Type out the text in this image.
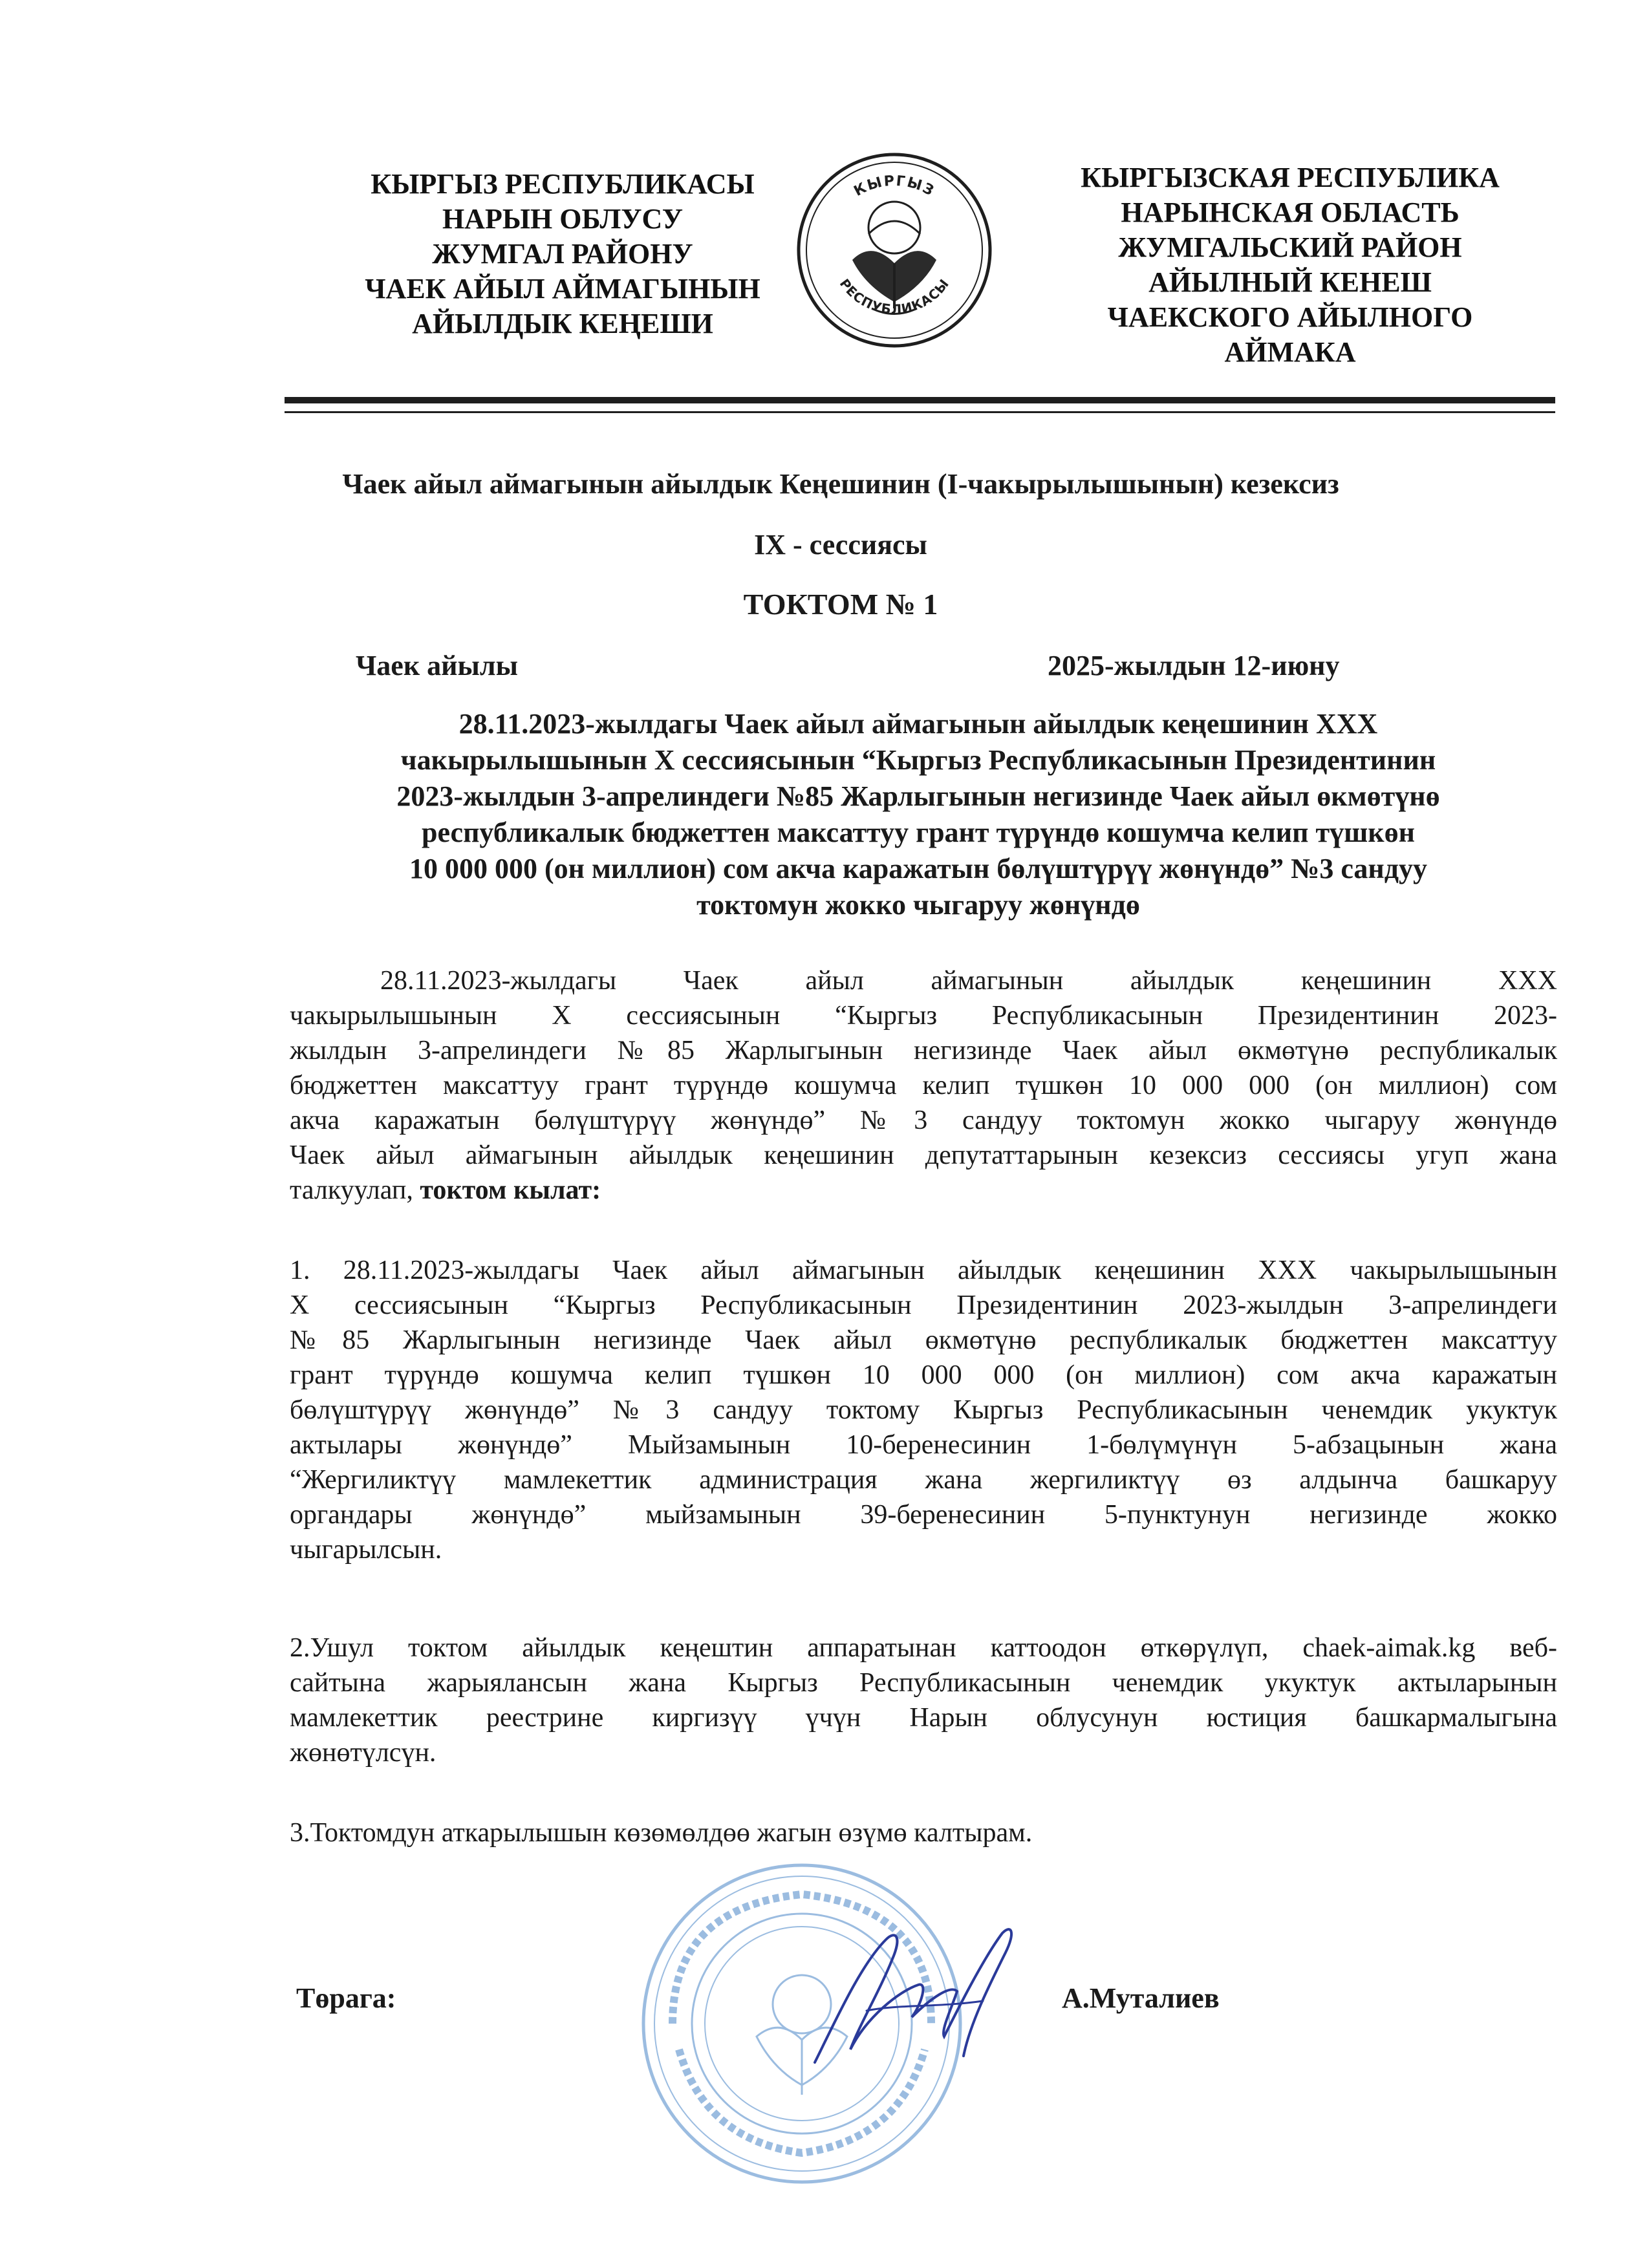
КЫРГЫЗ РЕСПУБЛИКАСЫ
НАРЫН ОБЛУСУ
ЖУМГАЛ РАЙОНУ
ЧАЕК АЙЫЛ АЙМАГЫНЫН
АЙЫЛДЫК КЕҢЕШИ
КЫРГЫЗ
РЕСПУБЛИКАСЫ
КЫРГЫЗСКАЯ РЕСПУБЛИКА
НАРЫНСКАЯ ОБЛАСТЬ
ЖУМГАЛЬСКИЙ РАЙОН
АЙЫЛНЫЙ КЕНЕШ
ЧАЕКСКОГО АЙЫЛНОГО
АЙМАКА
Чаек айыл аймагынын айылдык Кеңешинин (I-чакырылышынын) кезексиз
IX - сессиясы
ТОКТОМ № 1
Чаек айылы	2025-жылдын 12-июну
28.11.2023-жылдагы Чаек айыл аймагынын айылдык кеңешинин ХХХ
чакырылышынын Х сессиясынын “Кыргыз Республикасынын Президентинин
2023-жылдын 3-апрелиндеги №85 Жарлыгынын негизинде Чаек айыл өкмөтүнө
республикалык бюджеттен максаттуу грант түрүндө кошумча келип түшкөн
10 000 000 (он миллион) сом акча каражатын бөлүштүрүү жөнүндө” №3 сандуу
токтомун жокко чыгаруу жөнүндө
28.11.2023-жылдагы Чаек айыл аймагынын айылдык кеңешинин ХХХ
чакырылышынын Х сессиясынын “Кыргыз Республикасынын Президентинин 2023-
жылдын 3-апрелиндеги №85 Жарлыгынын негизинде Чаек айыл өкмөтүнө республикалык
бюджеттен максаттуу грант түрүндө кошумча келип түшкөн 10 000 000 (он миллион) сом
акча каражатын бөлүштүрүү жөнүндө” №3 сандуу токтомун жокко чыгаруу жөнүндө
Чаек айыл аймагынын айылдык кеңешинин депутаттарынын кезексиз сессиясы угуп жана
талкуулап, токтом кылат:
1. 28.11.2023-жылдагы Чаек айыл аймагынын айылдык кеңешинин ХХХ чакырылышынын
Х сессиясынын “Кыргыз Республикасынын Президентинин 2023-жылдын 3-апрелиндеги
№85 Жарлыгынын негизинде Чаек айыл өкмөтүнө республикалык бюджеттен максаттуу
грант түрүндө кошумча келип түшкөн 10 000 000 (он миллион) сом акча каражатын
бөлүштүрүү жөнүндө” №3 сандуу токтому Кыргыз Республикасынын ченемдик укуктук
актылары жөнүндө” Мыйзамынын 10-беренесинин 1-бөлүмүнүн 5-абзацынын жана
“Жергиликтүү мамлекеттик администрация жана жергиликтүү өз алдынча башкаруу
органдары жөнүндө” мыйзамынын 39-беренесинин 5-пунктунун негизинде жокко
чыгарылсын.
2.Ушул токтом айылдык кеңештин аппаратынан каттоодон өткөрүлүп, chaek-aimak.kg веб-
сайтына жарыялансын жана Кыргыз Республикасынын ченемдик укуктук актыларынын
мамлекеттик реестрине киргизүү үчүн Нарын облусунун юстиция башкармалыгына
жөнөтүлсүн.
3.Токтомдун аткарылышын көзөмөлдөө жагын өзүмө калтырам.
Төрага:	А.Муталиев
